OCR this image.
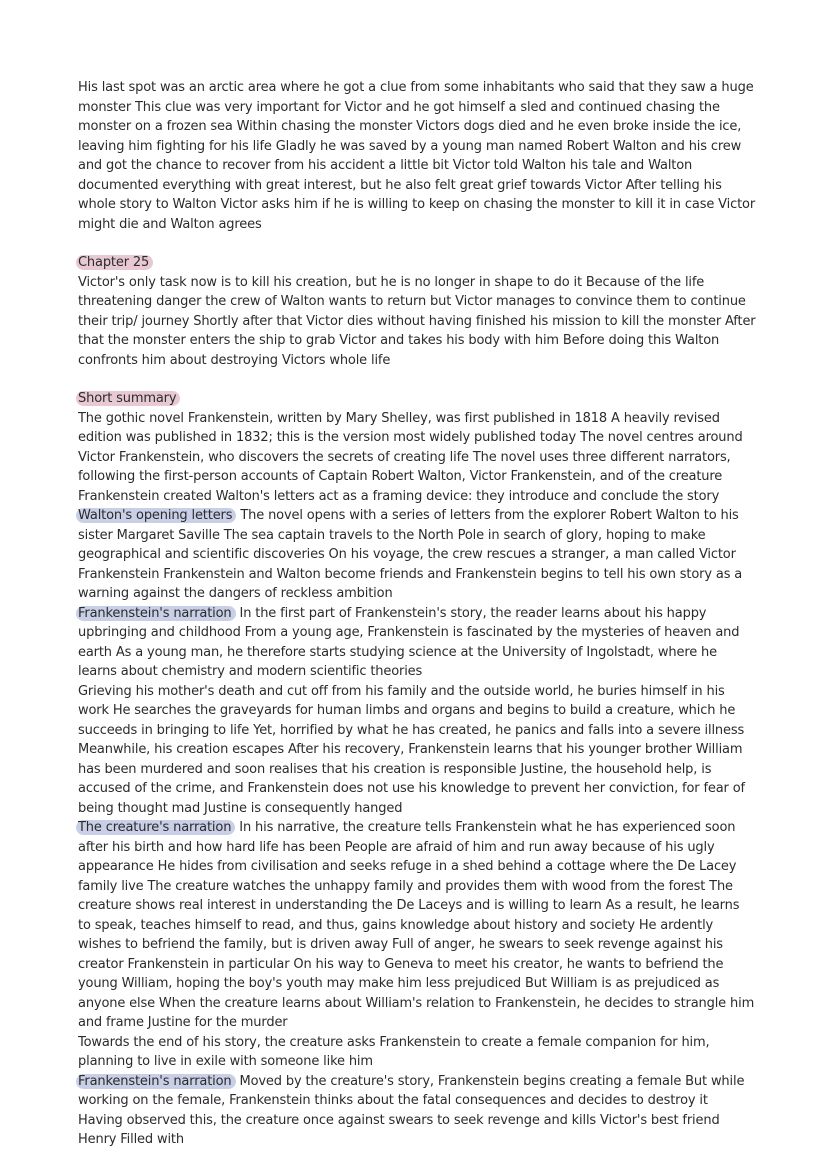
His last spot was an arctic area where he got a clue from some inhabitants who said that they saw a huge monster This clue was very important for Victor and he got himself a sled and continued chasing the monster on a frozen sea Within chasing the monster Victors dogs died and he even broke inside the ice, leaving him fighting for his life Gladly he was saved by a young man named Robert Walton and his crew and got the chance to recover from his accident a little bit Victor told Walton his tale and Walton documented everything with great interest, but he also felt great grief towards Victor After telling his whole story to Walton Victor asks him if he is willing to keep on chasing the monster to kill it in case Victor might die and Walton agrees

Chapter 25

Victor's only task now is to kill his creation, but he is no longer in shape to do it Because of the life threatening danger the crew of Walton wants to return but Victor manages to convince them to continue their trip/ journey Shortly after that Victor dies without having finished his mission to kill the monster After that the monster enters the ship to grab Victor and takes his body with him Before doing this Walton confronts him about destroying Victors whole life

Short summary

The gothic novel Frankenstein, written by Mary Shelley, was first published in 1818 A heavily revised edition was published in 1832; this is the version most widely published today The novel centres around Victor Frankenstein, who discovers the secrets of creating life The novel uses three different narrators, following the first-person accounts of Captain Robert Walton, Victor Frankenstein, and of the creature Frankenstein created Walton's letters act as a framing device: they introduce and conclude the story

Walton's opening letters The novel opens with a series of letters from the explorer Robert Walton to his sister Margaret Saville The sea captain travels to the North Pole in search of glory, hoping to make geographical and scientific discoveries On his voyage, the crew rescues a stranger, a man called Victor Frankenstein Frankenstein and Walton become friends and Frankenstein begins to tell his own story as a warning against the dangers of reckless ambition

Frankenstein's narration In the first part of Frankenstein's story, the reader learns about his happy upbringing and childhood From a young age, Frankenstein is fascinated by the mysteries of heaven and earth As a young man, he therefore starts studying science at the University of Ingolstadt, where he learns about chemistry and modern scientific theories

Grieving his mother's death and cut off from his family and the outside world, he buries himself in his work He searches the graveyards for human limbs and organs and begins to build a creature, which he succeeds in bringing to life Yet, horrified by what he has created, he panics and falls into a severe illness Meanwhile, his creation escapes After his recovery, Frankenstein learns that his younger brother William has been murdered and soon realises that his creation is responsible Justine, the household help, is accused of the crime, and Frankenstein does not use his knowledge to prevent her conviction, for fear of being thought mad Justine is consequently hanged

The creature's narration In his narrative, the creature tells Frankenstein what he has experienced soon after his birth and how hard life has been People are afraid of him and run away because of his ugly appearance He hides from civilisation and seeks refuge in a shed behind a cottage where the De Lacey family live The creature watches the unhappy family and provides them with wood from the forest The creature shows real interest in understanding the De Laceys and is willing to learn As a result, he learns to speak, teaches himself to read, and thus, gains knowledge about history and society He ardently wishes to befriend the family, but is driven away Full of anger, he swears to seek revenge against his creator Frankenstein in particular On his way to Geneva to meet his creator, he wants to befriend the young William, hoping the boy's youth may make him less prejudiced But William is as prejudiced as anyone else When the creature learns about William's relation to Frankenstein, he decides to strangle him and frame Justine for the murder

Towards the end of his story, the creature asks Frankenstein to create a female companion for him, planning to live in exile with someone like him

Frankenstein's narration Moved by the creature's story, Frankenstein begins creating a female But while working on the female, Frankenstein thinks about the fatal consequences and decides to destroy it Having observed this, the creature once against swears to seek revenge and kills Victor's best friend Henry Filled with
